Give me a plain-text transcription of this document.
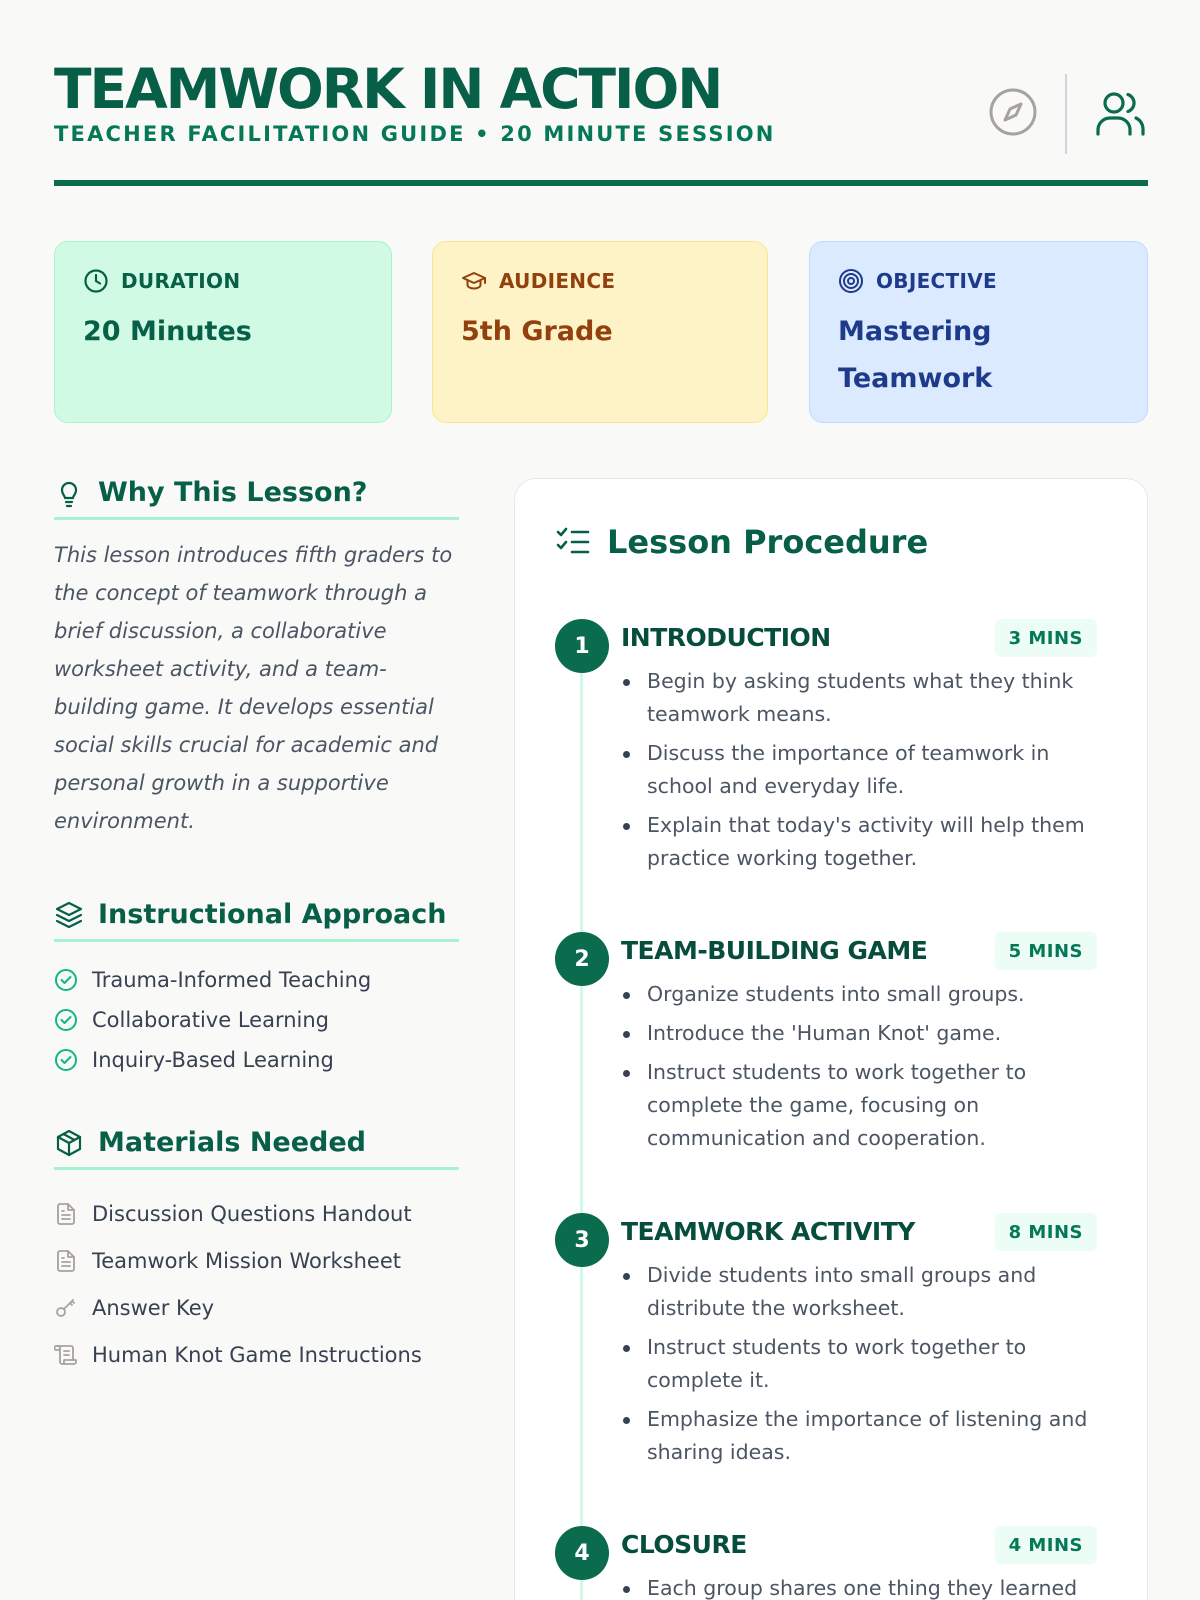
TEAMWORK IN ACTION
TEACHER FACILITATION GUIDE • 20 MINUTE SESSION
DURATION
20 Minutes
AUDIENCE
5th Grade
OBJECTIVE
Mastering Teamwork
Why This Lesson?

This lesson introduces fifth graders to the concept of teamwork through a brief discussion, a collaborative worksheet activity, and a team-building game. It develops essential social skills crucial for academic and personal growth in a supportive environment.

Instructional Approach
Trauma-Informed Teaching
Collaborative Learning
Inquiry-Based Learning
Materials Needed
Discussion Questions Handout
Teamwork Mission Worksheet
Answer Key
Human Knot Game Instructions
Lesson Procedure
1	INTRODUCTION	3 MINS
Begin by asking students what they think teamwork means.
Discuss the importance of teamwork in school and everyday life.
Explain that today's activity will help them practice working together.
2	TEAM-BUILDING GAME	5 MINS
Organize students into small groups.
Introduce the 'Human Knot' game.
Instruct students to work together to complete the game, focusing on communication and cooperation.
3	TEAMWORK ACTIVITY	8 MINS
Divide students into small groups and distribute the worksheet.
Instruct students to work together to complete it.
Emphasize the importance of listening and sharing ideas.
4	CLOSURE	4 MINS
Each group shares one thing they learned
